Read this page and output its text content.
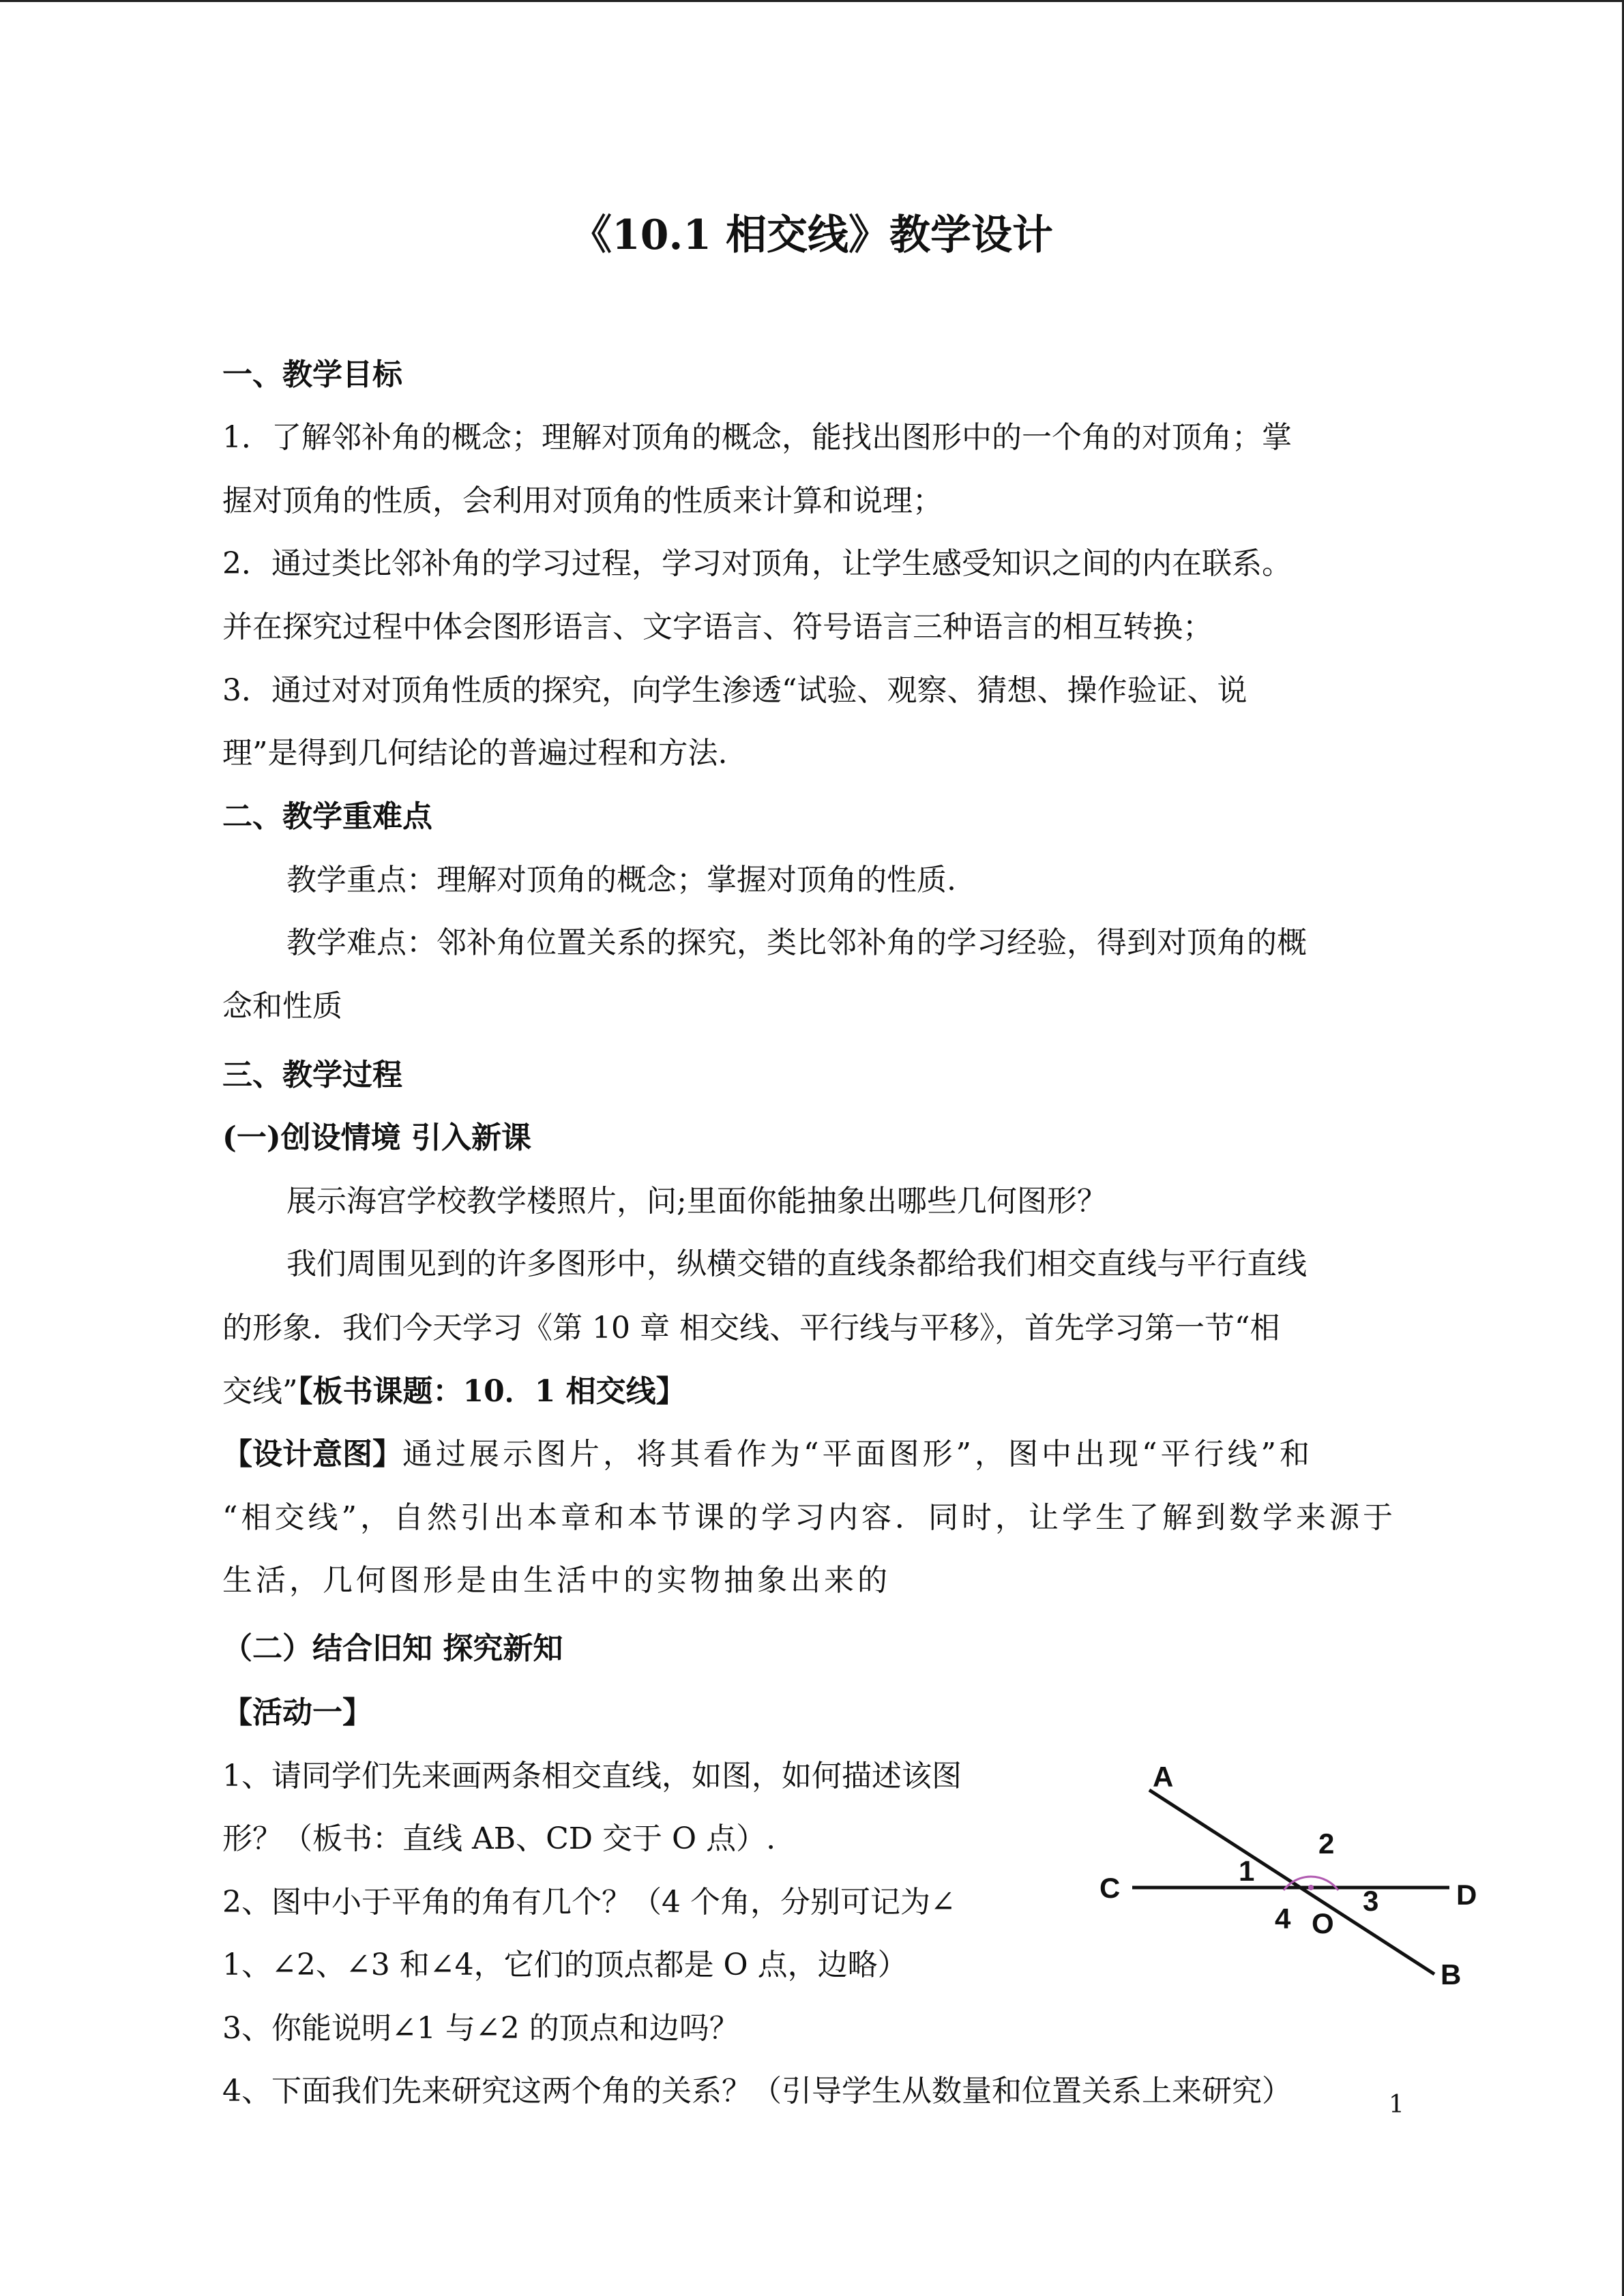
《10.1 相交线》教学设计
一、教学目标
1．了解邻补角的概念；理解对顶角的概念，能找出图形中的一个角的对顶角；掌
握对顶角的性质，会利用对顶角的性质来计算和说理；
2．通过类比邻补角的学习过程，学习对顶角，让学生感受知识之间的内在联系。
并在探究过程中体会图形语言、文字语言、符号语言三种语言的相互转换；
3．通过对对顶角性质的探究，向学生渗透“试验、观察、猜想、操作验证、说
理”是得到几何结论的普遍过程和方法.
二、教学重难点
教学重点：理解对顶角的概念；掌握对顶角的性质.
教学难点：邻补角位置关系的探究，类比邻补角的学习经验，得到对顶角的概
念和性质
三、教学过程
(一)创设情境 引入新课
展示海宫学校教学楼照片，问;里面你能抽象出哪些几何图形？
我们周围见到的许多图形中，纵横交错的直线条都给我们相交直线与平行直线
的形象．我们今天学习《第 10 章 相交线、平行线与平移》，首先学习第一节“相
交线”【板书课题：10．1 相交线】
【设计意图】通过展示图片，将其看作为“平面图形”，图中出现“平行线”和
“相交线”，自然引出本章和本节课的学习内容．同时，让学生了解到数学来源于
生活，几何图形是由生活中的实物抽象出来的
（二）结合旧知 探究新知
【活动一】
1、请同学们先来画两条相交直线，如图，如何描述该图
形？（板书：直线 AB、CD 交于 O 点）.
2、图中小于平角的角有几个？（4 个角，分别可记为∠
1、∠2、∠3 和∠4，它们的顶点都是 O 点，边略）
3、你能说明∠1 与∠2 的顶点和边吗？
4、下面我们先来研究这两个角的关系？（引导学生从数量和位置关系上来研究）
A
B
C	D
O
1
2
3
4
1
